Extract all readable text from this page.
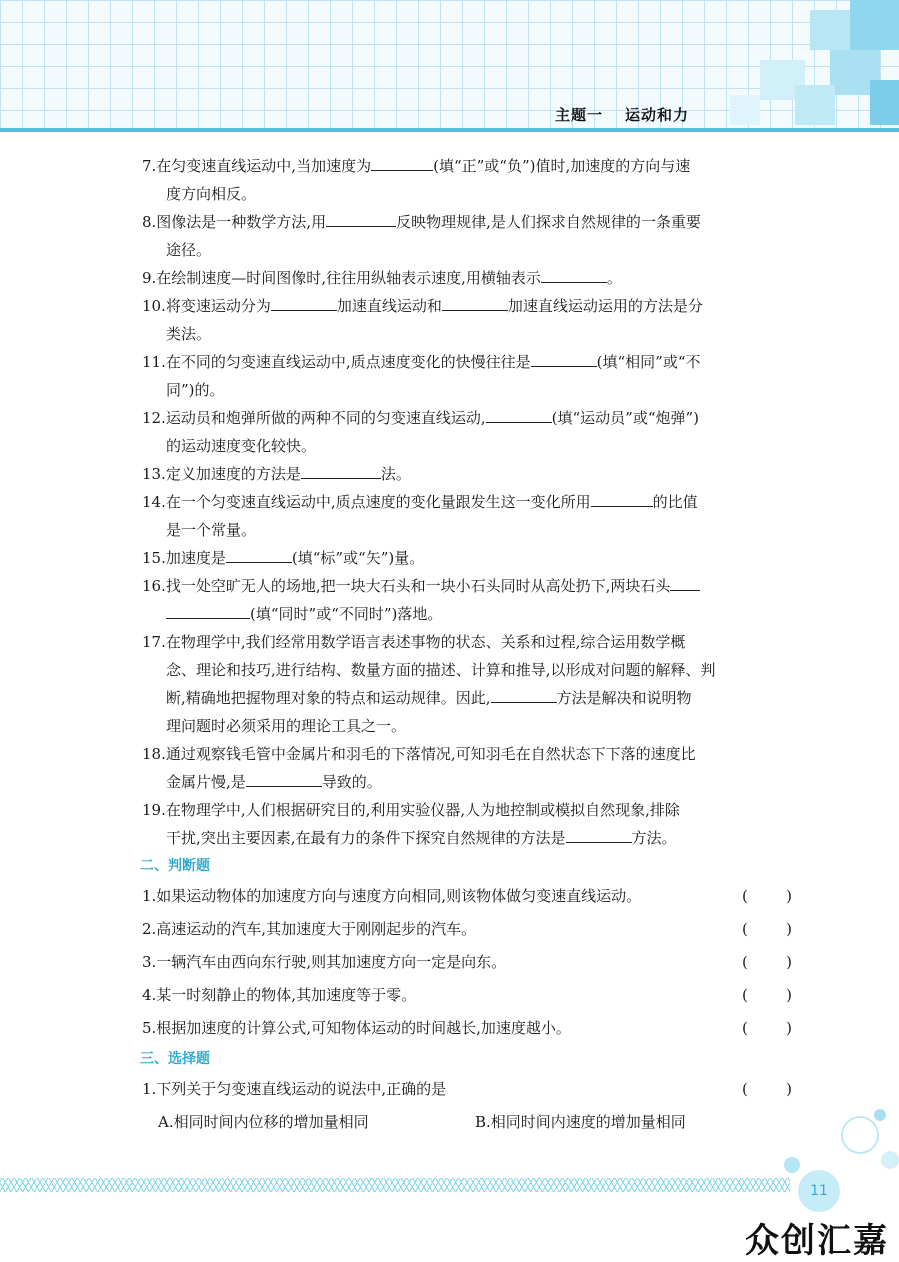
主题一 运动和力

7.在匀变速直线运动中,当加速度为	(填“正”或“负”)值时,加速度的方向与速
度方向相反。

8.图像法是一种数学方法,用	反映物理规律,是人们探求自然规律的一条重要
途径。

9.在绘制速度—时间图像时,往往用纵轴表示速度,用横轴表示	。

10.将变速运动分为	加速直线运动和	加速直线运动运用的方法是分
类法。

11.在不同的匀变速直线运动中,质点速度变化的快慢往往是	(填“相同”或“不
同”)的。

12.运动员和炮弹所做的两种不同的匀变速直线运动,	(填“运动员”或“炮弹”)
的运动速度变化较快。

13.定义加速度的方法是	法。

14.在一个匀变速直线运动中,质点速度的变化量跟发生这一变化所用	的比值
是一个常量。

15.加速度是	(填“标”或“矢”)量。

16.找一处空旷无人的场地,把一块大石头和一块小石头同时从高处扔下,两块石头
(填“同时”或“不同时”)落地。

17.在物理学中,我们经常用数学语言表述事物的状态、关系和过程,综合运用数学概
念、理论和技巧,进行结构、数量方面的描述、计算和推导,以形成对问题的解释、判
断,精确地把握物理对象的特点和运动规律。因此,	方法是解决和说明物
理问题时必须采用的理论工具之一。

18.通过观察钱毛管中金属片和羽毛的下落情况,可知羽毛在自然状态下下落的速度比
金属片慢,是	导致的。

19.在物理学中,人们根据研究目的,利用实验仪器,人为地控制或模拟自然现象,排除
干扰,突出主要因素,在最有力的条件下探究自然规律的方法是	方法。

二、判断题

1.如果运动物体的加速度方向与速度方向相同,则该物体做匀变速直线运动。	(	)
2.高速运动的汽车,其加速度大于刚刚起步的汽车。	(	)
3.一辆汽车由西向东行驶,则其加速度方向一定是向东。	(	)
4.某一时刻静止的物体,其加速度等于零。	(	)
5.根据加速度的计算公式,可知物体运动的时间越长,加速度越小。	(	)

三、选择题

1.下列关于匀变速直线运动的说法中,正确的是	(	)
A.相同时间内位移的增加量相同	B.相同时间内速度的增加量相同
11
众创汇嘉
